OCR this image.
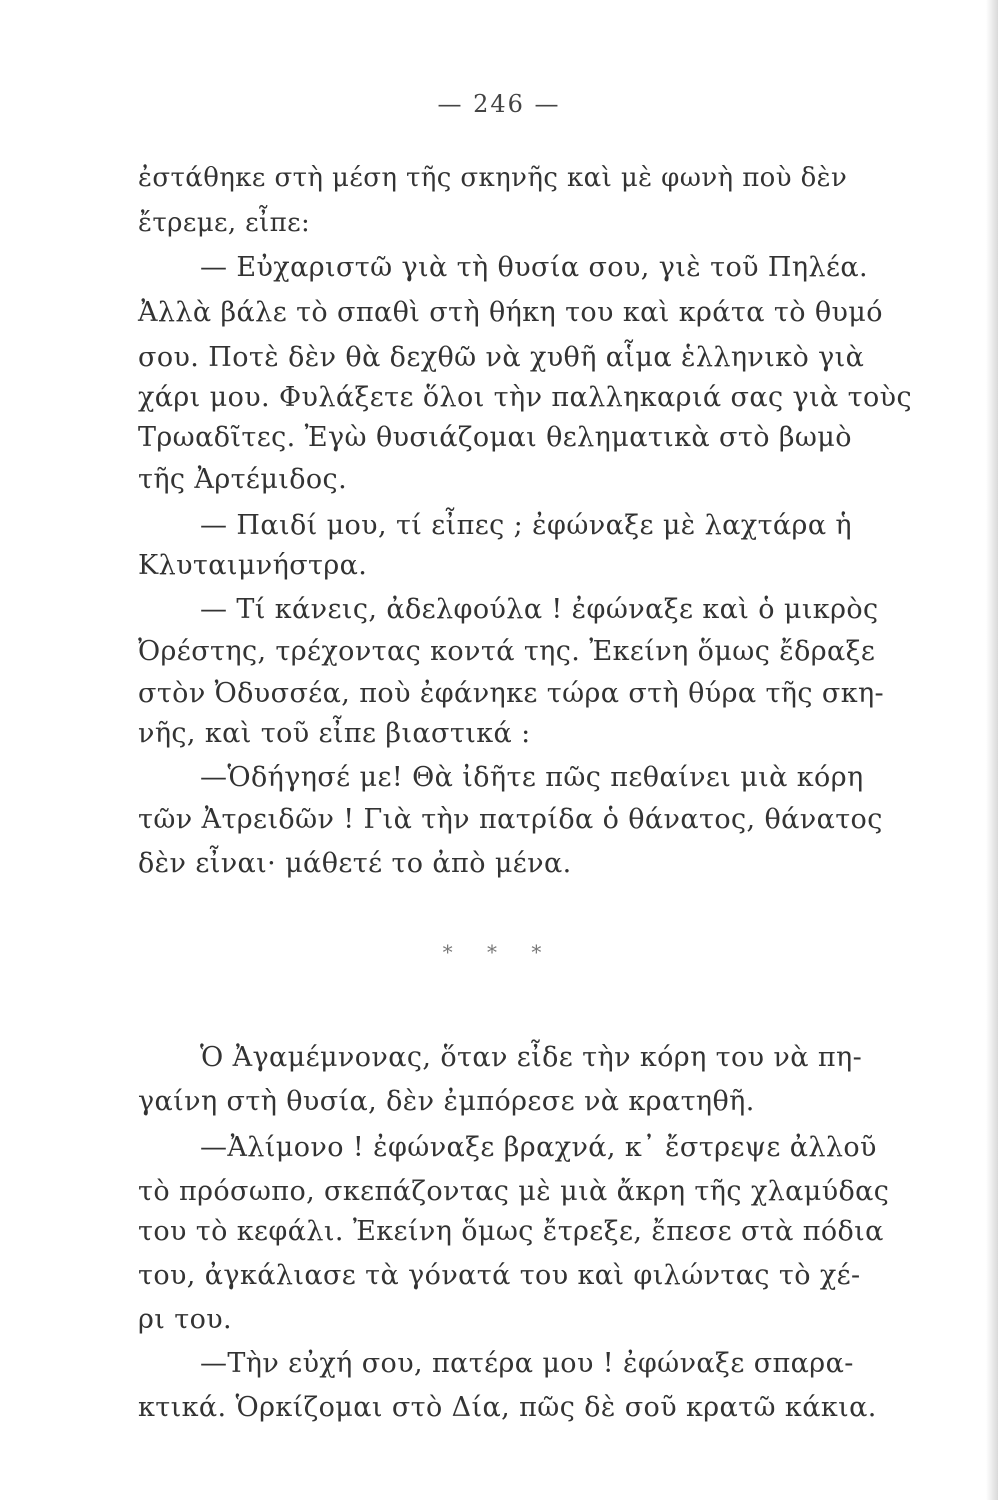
— 246 —
ἐστάθηκε στὴ μέση τῆς σκηνῆς καὶ μὲ φωνὴ ποὺ δὲν
ἔτρεμε, εἶπε:
— Εὐχαριστῶ γιὰ τὴ θυσία σου, γιὲ τοῦ Πηλέα.
Ἀλλὰ βάλε τὸ σπαθὶ στὴ θήκη του καὶ κράτα τὸ θυμό
σου. Ποτὲ δὲν θὰ δεχθῶ νὰ χυθῆ αἷμα ἑλληνικὸ γιὰ
χάρι μου. Φυλάξετε ὅλοι τὴν παλληκαριά σας γιὰ τοὺς
Τρωαδῖτες. Ἐγὼ θυσιάζομαι θεληματικὰ στὸ βωμὸ
τῆς Ἀρτέμιδος.
— Παιδί μου, τί εἶπες ; ἐφώναξε μὲ λαχτάρα ἡ
Κλυταιμνήστρα.
— Τί κάνεις, ἀδελφούλα ! ἐφώναξε καὶ ὁ μικρὸς
Ὀρέστης, τρέχοντας κοντά της. Ἐκείνη ὅμως ἔδραξε
στὸν Ὀδυσσέα, ποὺ ἐφάνηκε τώρα στὴ θύρα τῆς σκη-
νῆς, καὶ τοῦ εἶπε βιαστικά :
—Ὁδήγησέ με! Θὰ ἰδῆτε πῶς πεθαίνει μιὰ κόρη
τῶν Ἀτρειδῶν ! Γιὰ τὴν πατρίδα ὁ θάνατος, θάνατος
δὲν εἶναι· μάθετέ το ἀπὸ μένα.
* * *
Ὁ Ἀγαμέμνονας, ὅταν εἶδε τὴν κόρη του νὰ πη-
γαίνη στὴ θυσία, δὲν ἐμπόρεσε νὰ κρατηθῆ.
—Ἀλίμονο ! ἐφώναξε βραχνά, κ᾽ ἔστρεψε ἀλλοῦ
τὸ πρόσωπο, σκεπάζοντας μὲ μιὰ ἄκρη τῆς χλαμύδας
του τὸ κεφάλι. Ἐκείνη ὅμως ἔτρεξε, ἔπεσε στὰ πόδια
του, ἀγκάλιασε τὰ γόνατά του καὶ φιλώντας τὸ χέ-
ρι του.
—Τὴν εὐχή σου, πατέρα μου ! ἐφώναξε σπαρα-
κτικά. Ὁρκίζομαι στὸ Δία, πῶς δὲ σοῦ κρατῶ κάκια.
